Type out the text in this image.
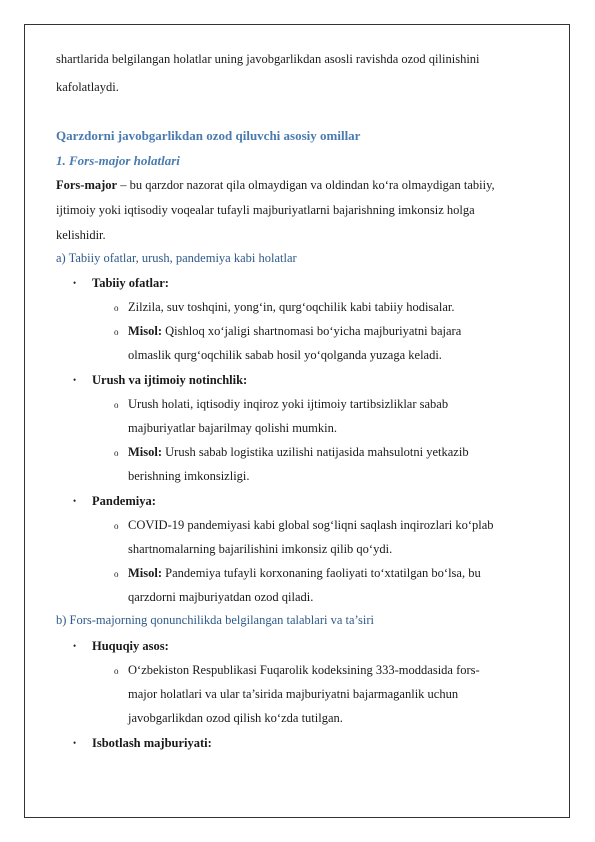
shartlarida belgilangan holatlar uning javobgarlikdan asosli ravishda ozod qilinishini
kafolatlaydi.
Qarzdorni javobgarlikdan ozod qiluvchi asosiy omillar
1. Fors-major holatlari
Fors-major – bu qarzdor nazorat qila olmaydigan va oldindan ko‘ra olmaydigan tabiiy,
ijtimoiy yoki iqtisodiy voqealar tufayli majburiyatlarni bajarishning imkonsiz holga
kelishidir.
a) Tabiiy ofatlar, urush, pandemiya kabi holatlar
• Tabiiy ofatlar:
o Zilzila, suv toshqini, yong‘in, qurg‘oqchilik kabi tabiiy hodisalar.
o Misol: Qishloq xo‘jaligi shartnomasi bo‘yicha majburiyatni bajara
olmaslik qurg‘oqchilik sabab hosil yo‘qolganda yuzaga keladi.
• Urush va ijtimoiy notinchlik:
o Urush holati, iqtisodiy inqiroz yoki ijtimoiy tartibsizliklar sabab
majburiyatlar bajarilmay qolishi mumkin.
o Misol: Urush sabab logistika uzilishi natijasida mahsulotni yetkazib
berishning imkonsizligi.
• Pandemiya:
o COVID-19 pandemiyasi kabi global sog‘liqni saqlash inqirozlari ko‘plab
shartnomalarning bajarilishini imkonsiz qilib qo‘ydi.
o Misol: Pandemiya tufayli korxonaning faoliyati to‘xtatilgan bo‘lsa, bu
qarzdorni majburiyatdan ozod qiladi.
b) Fors-majorning qonunchilikda belgilangan talablari va ta’siri
• Huquqiy asos:
o O‘zbekiston Respublikasi Fuqarolik kodeksining 333-moddasida fors-
major holatlari va ular ta’sirida majburiyatni bajarmaganlik uchun
javobgarlikdan ozod qilish ko‘zda tutilgan.
• Isbotlash majburiyati:
